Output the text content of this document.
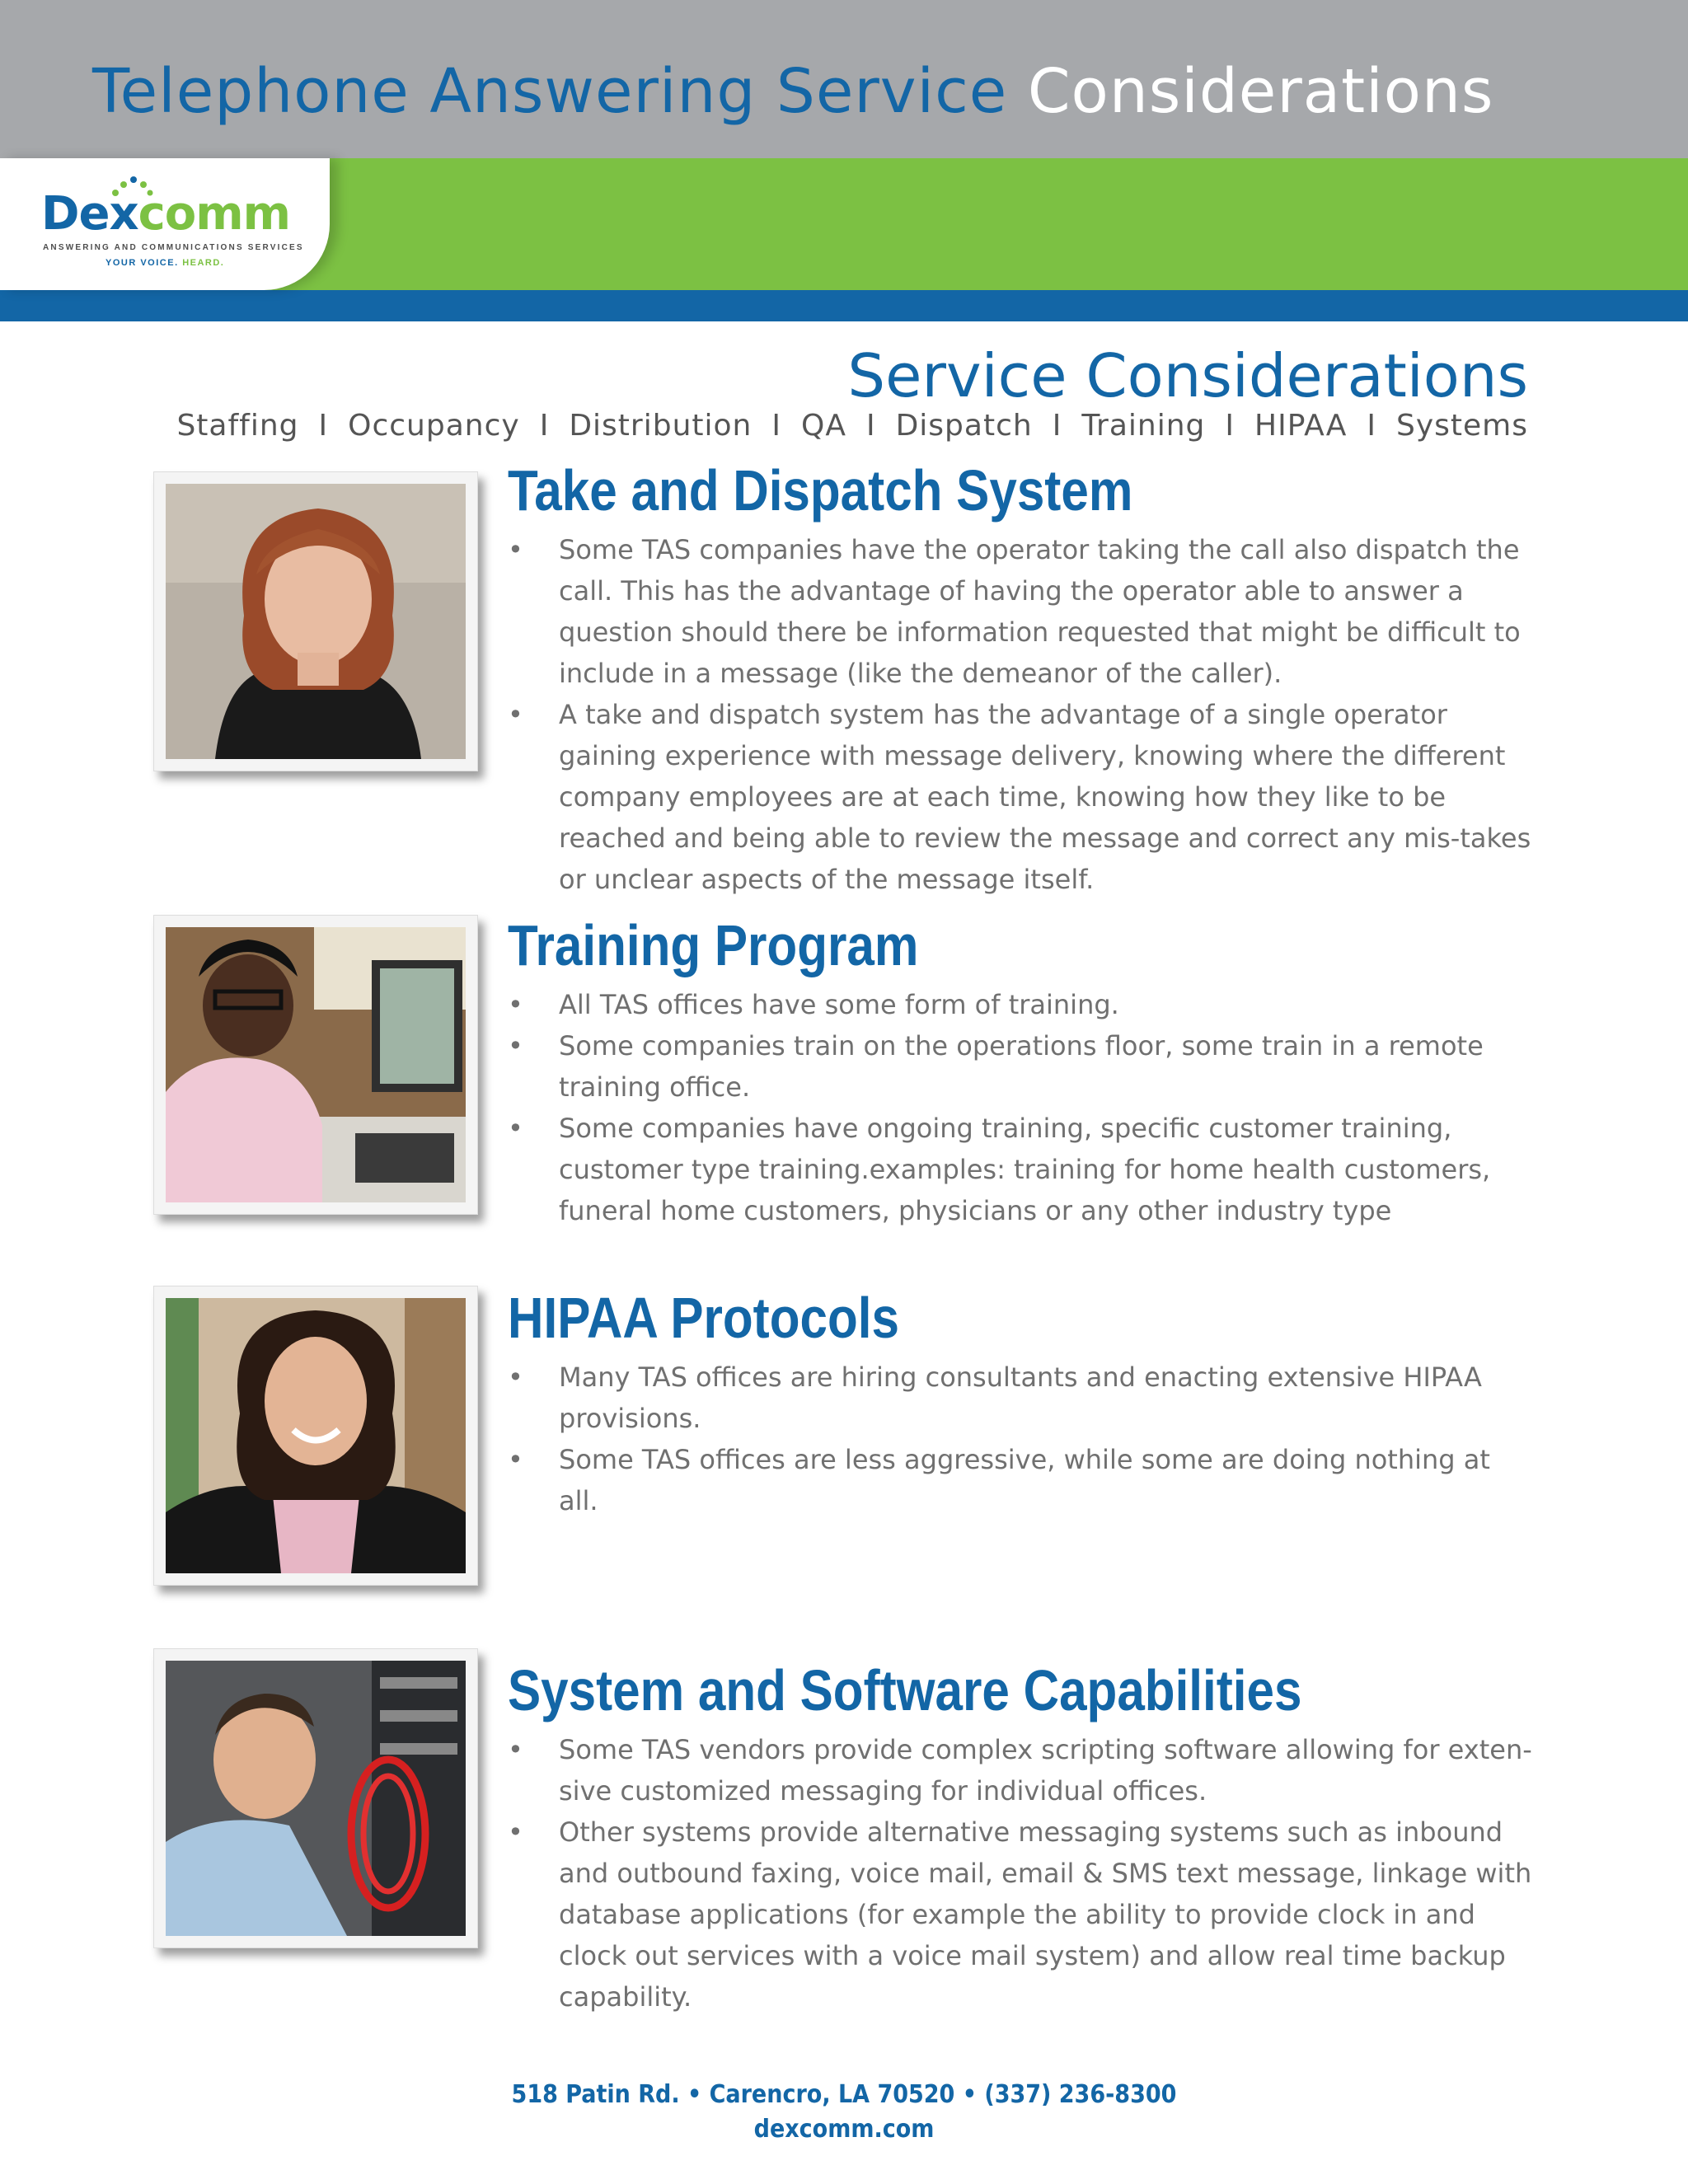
Telephone Answering Service Considerations
Dexcomm
ANSWERING AND COMMUNICATIONS SERVICES
YOUR VOICE. HEARD.
Service Considerations
Staffing I Occupancy I Distribution I QA I Dispatch I Training I HIPAA I Systems
Take and Dispatch System
• Some TAS companies have the operator taking the call also dispatch the call. This has the advantage of having the operator able to answer a question should there be information requested that might be difficult to include in a message (like the demeanor of the caller).
• A take and dispatch system has the advantage of a single operator gaining experience with message delivery, knowing where the different company employees are at each time, knowing how they like to be reached and being able to review the message and correct any mis-takes or unclear aspects of the message itself.
Training Program
• All TAS offices have some form of training.
• Some companies train on the operations floor, some train in a remote training office.
• Some companies have ongoing training, specific customer training, customer type training.examples: training for home health customers, funeral home customers, physicians or any other industry type
HIPAA Protocols
• Many TAS offices are hiring consultants and enacting extensive HIPAA provisions.
• Some TAS offices are less aggressive, while some are doing nothing at all.
System and Software Capabilities
• Some TAS vendors provide complex scripting software allowing for exten-sive customized messaging for individual offices.
• Other systems provide alternative messaging systems such as inbound and outbound faxing, voice mail, email & SMS text message, linkage with database applications (for example the ability to provide clock in and clock out services with a voice mail system) and allow real time backup capability.
518 Patin Rd. • Carencro, LA 70520 • (337) 236-8300
dexcomm.com
